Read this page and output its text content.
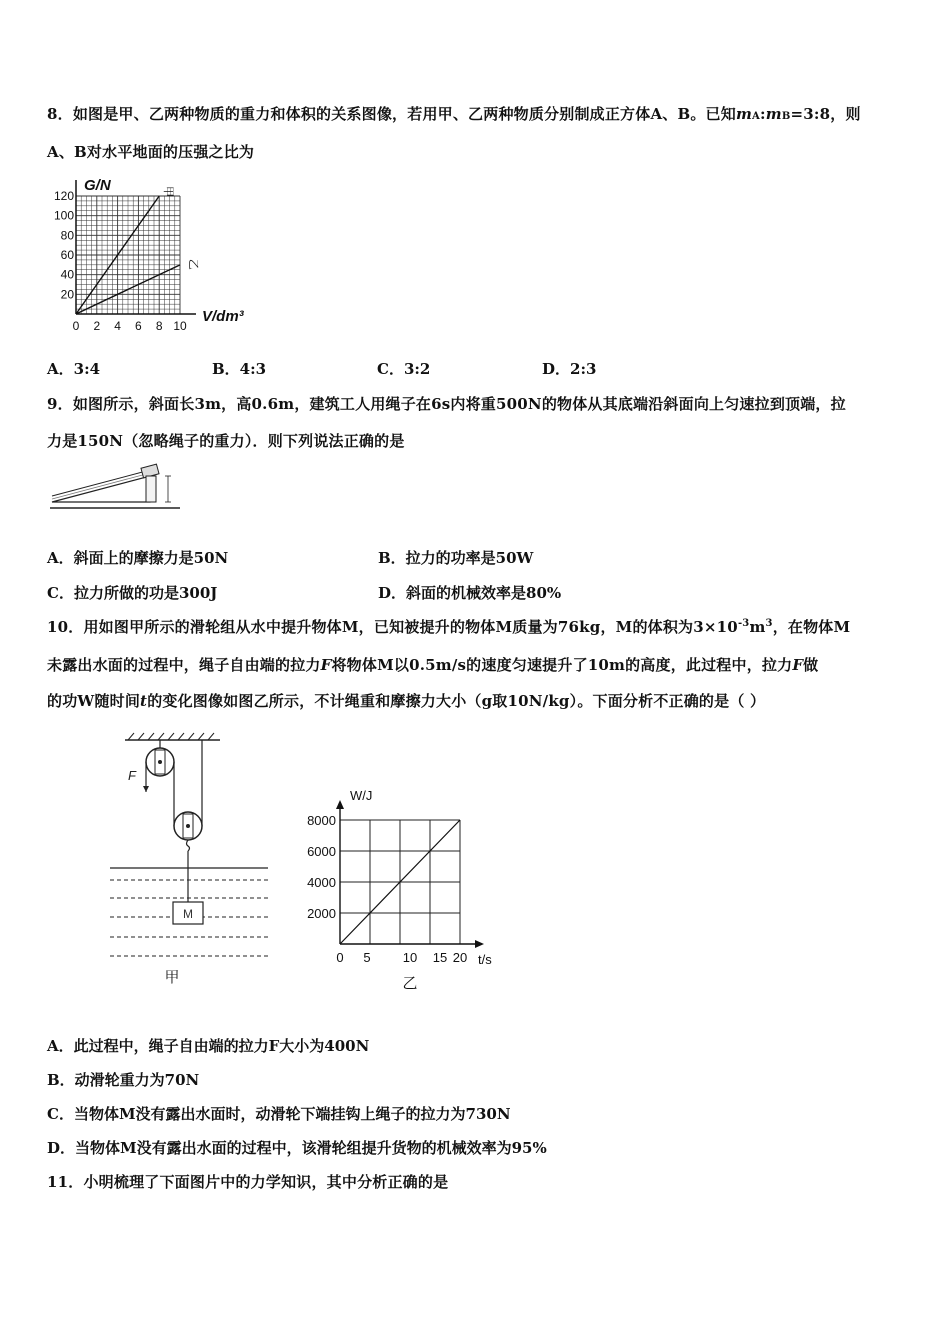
8．如图是甲、乙两种物质的重力和体积的关系图像，若用甲、乙两种物质分别制成正方体A、B。已知mA:mB=3:8，则
A、B对水平地面的压强之比为
20
40
60
80
100
120
0 2 4 6 8 10
G/N
V/dm³
甲
乙
A．3:4	B．4:3	C．3:2	D．2:3
9．如图所示，斜面长3m，高0.6m，建筑工人用绳子在6s内将重500N的物体从其底端沿斜面向上匀速拉到顶端，拉
力是150N（忽略绳子的重力）．则下列说法正确的是
A．斜面上的摩擦力是50N	B．拉力的功率是50W
C．拉力所做的功是300J	D．斜面的机械效率是80%
10．用如图甲所示的滑轮组从水中提升物体M，已知被提升的物体M质量为76kg，M的体积为$3\times 10^{-3}m^3$，在物体M
未露出水面的过程中，绳子自由端的拉力F将物体M以0.5m/s的速度匀速提升了10m的高度，此过程中，拉力F做
的功W随时间t的变化图像如图乙所示，不计绳重和摩擦力大小（g取10N/kg）。下面分析不正确的是（ ）
M
F
甲
2000
4000
6000
8000
0 5 10 15 20
W/J
t/s
乙
A．此过程中，绳子自由端的拉力F大小为400N
B．动滑轮重力为70N
C．当物体M没有露出水面时，动滑轮下端挂钩上绳子的拉力为730N
D．当物体M没有露出水面的过程中，该滑轮组提升货物的机械效率为95%
11．小明梳理了下面图片中的力学知识，其中分析正确的是
